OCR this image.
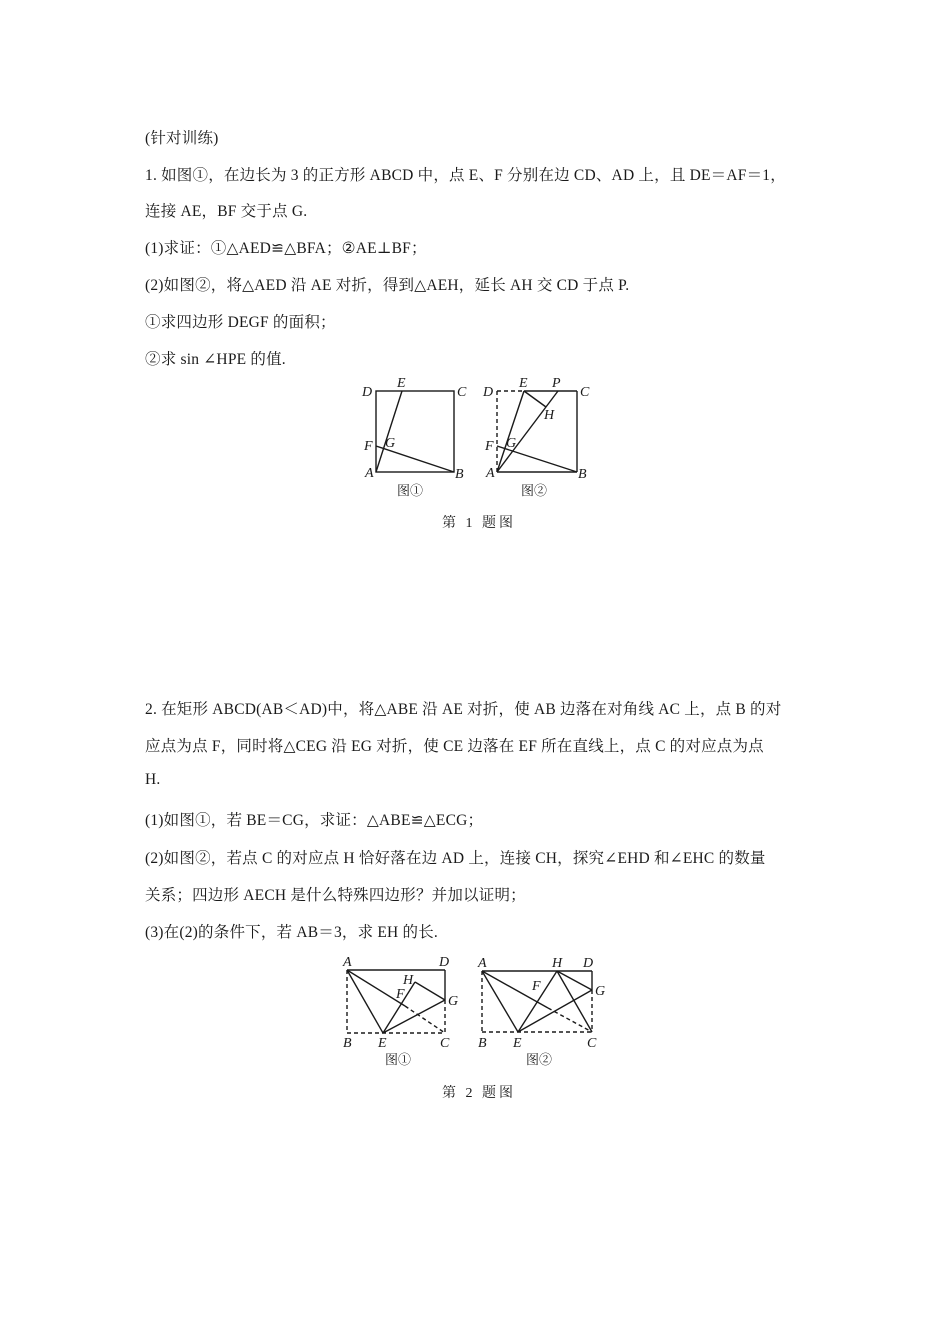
(针对训练)
1. 如图①，在边长为 3 的正方形 ABCD 中，点 E、F 分别在边 CD、AD 上，且 DE＝AF＝1，
连接 AE，BF 交于点 G.
(1)求证：①△AED≌△BFA；②AE⊥BF；
(2)如图②，将△AED 沿 AE 对折，得到△AEH，延长 AH 交 CD 于点 P.
①求四边形 DEGF 的面积；
②求 sin ∠HPE 的值.
D
E
C
F G
A	B
D
E P
C
H
F G
A	B
图①	图②
A	D
H
F	G
B E	C
A	H D
F	G
B E	C
图①	图②
第 1 题图
2. 在矩形 ABCD(AB＜AD)中，将△ABE 沿 AE 对折，使 AB 边落在对角线 AC 上，点 B 的对
应点为点 F，同时将△CEG 沿 EG 对折，使 CE 边落在 EF 所在直线上，点 C 的对应点为点
H.
(1)如图①，若 BE＝CG，求证：△ABE≌△ECG；
(2)如图②，若点 C 的对应点 H 恰好落在边 AD 上，连接 CH，探究∠EHD 和∠EHC 的数量
关系；四边形 AECH 是什么特殊四边形？并加以证明；
(3)在(2)的条件下，若 AB＝3，求 EH 的长.
第 2 题图
